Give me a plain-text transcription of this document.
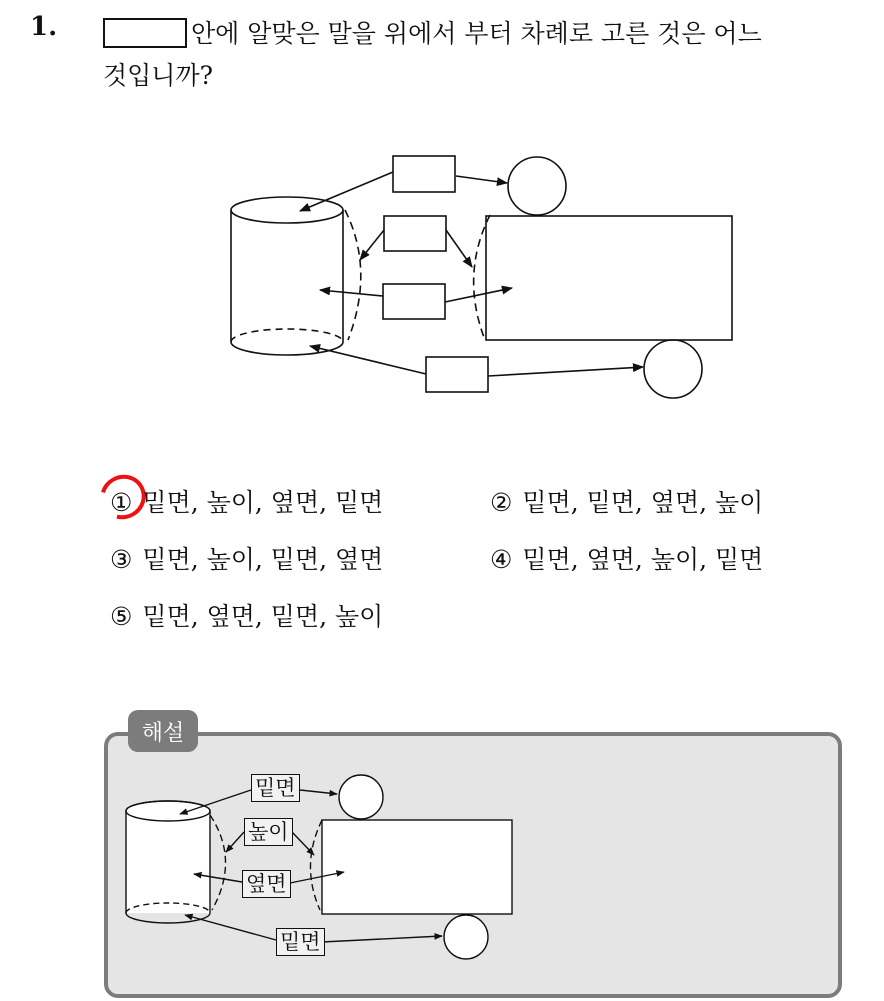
1.	안에 알맞은 말을 위에서 부터 차례로 고른 것은 어느
것입니까?
① 밑면, 높이, 옆면, 밑면	② 밑면, 밑면, 옆면, 높이
③ 밑면, 높이, 밑면, 옆면	④ 밑면, 옆면, 높이, 밑면
⑤ 밑면, 옆면, 밑면, 높이
해설
밑면
높이
옆면
밑면
